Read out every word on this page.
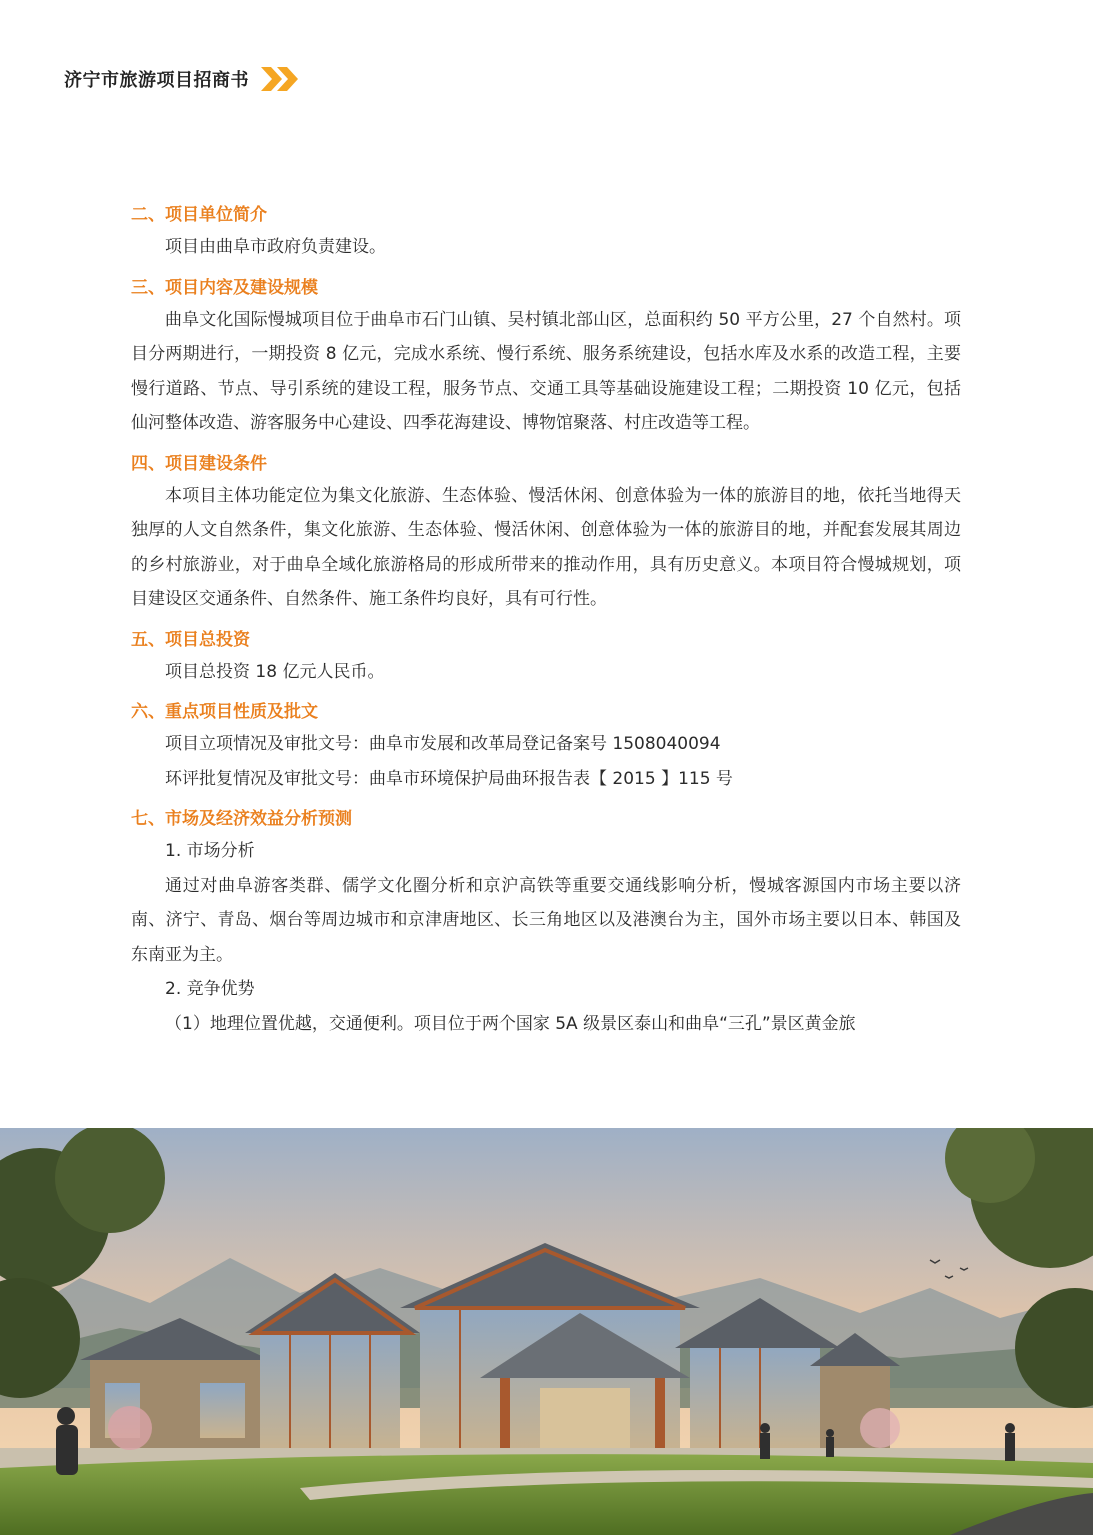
济宁市旅游项目招商书
二、项目单位简介

项目由曲阜市政府负责建设。

三、项目内容及建设规模

曲阜文化国际慢城项目位于曲阜市石门山镇、吴村镇北部山区，总面积约 50 平方公里，27 个自然村。项目分两期进行，一期投资 8 亿元，完成水系统、慢行系统、服务系统建设，包括水库及水系的改造工程，主要慢行道路、节点、导引系统的建设工程，服务节点、交通工具等基础设施建设工程；二期投资 10 亿元，包括仙河整体改造、游客服务中心建设、四季花海建设、博物馆聚落、村庄改造等工程。

四、项目建设条件

本项目主体功能定位为集文化旅游、生态体验、慢活休闲、创意体验为一体的旅游目的地，依托当地得天独厚的人文自然条件，集文化旅游、生态体验、慢活休闲、创意体验为一体的旅游目的地，并配套发展其周边的乡村旅游业，对于曲阜全域化旅游格局的形成所带来的推动作用，具有历史意义。本项目符合慢城规划，项目建设区交通条件、自然条件、施工条件均良好，具有可行性。

五、项目总投资

项目总投资 18 亿元人民币。

六、重点项目性质及批文

项目立项情况及审批文号：曲阜市发展和改革局登记备案号 1508040094

环评批复情况及审批文号：曲阜市环境保护局曲环报告表【 2015 】115 号

七、市场及经济效益分析预测
1. 市场分析

通过对曲阜游客类群、儒学文化圈分析和京沪高铁等重要交通线影响分析，慢城客源国内市场主要以济南、济宁、青岛、烟台等周边城市和京津唐地区、长三角地区以及港澳台为主，国外市场主要以日本、韩国及东南亚为主。

2. 竞争优势

（1）地理位置优越，交通便利。项目位于两个国家 5A 级景区泰山和曲阜“三孔”景区黄金旅
